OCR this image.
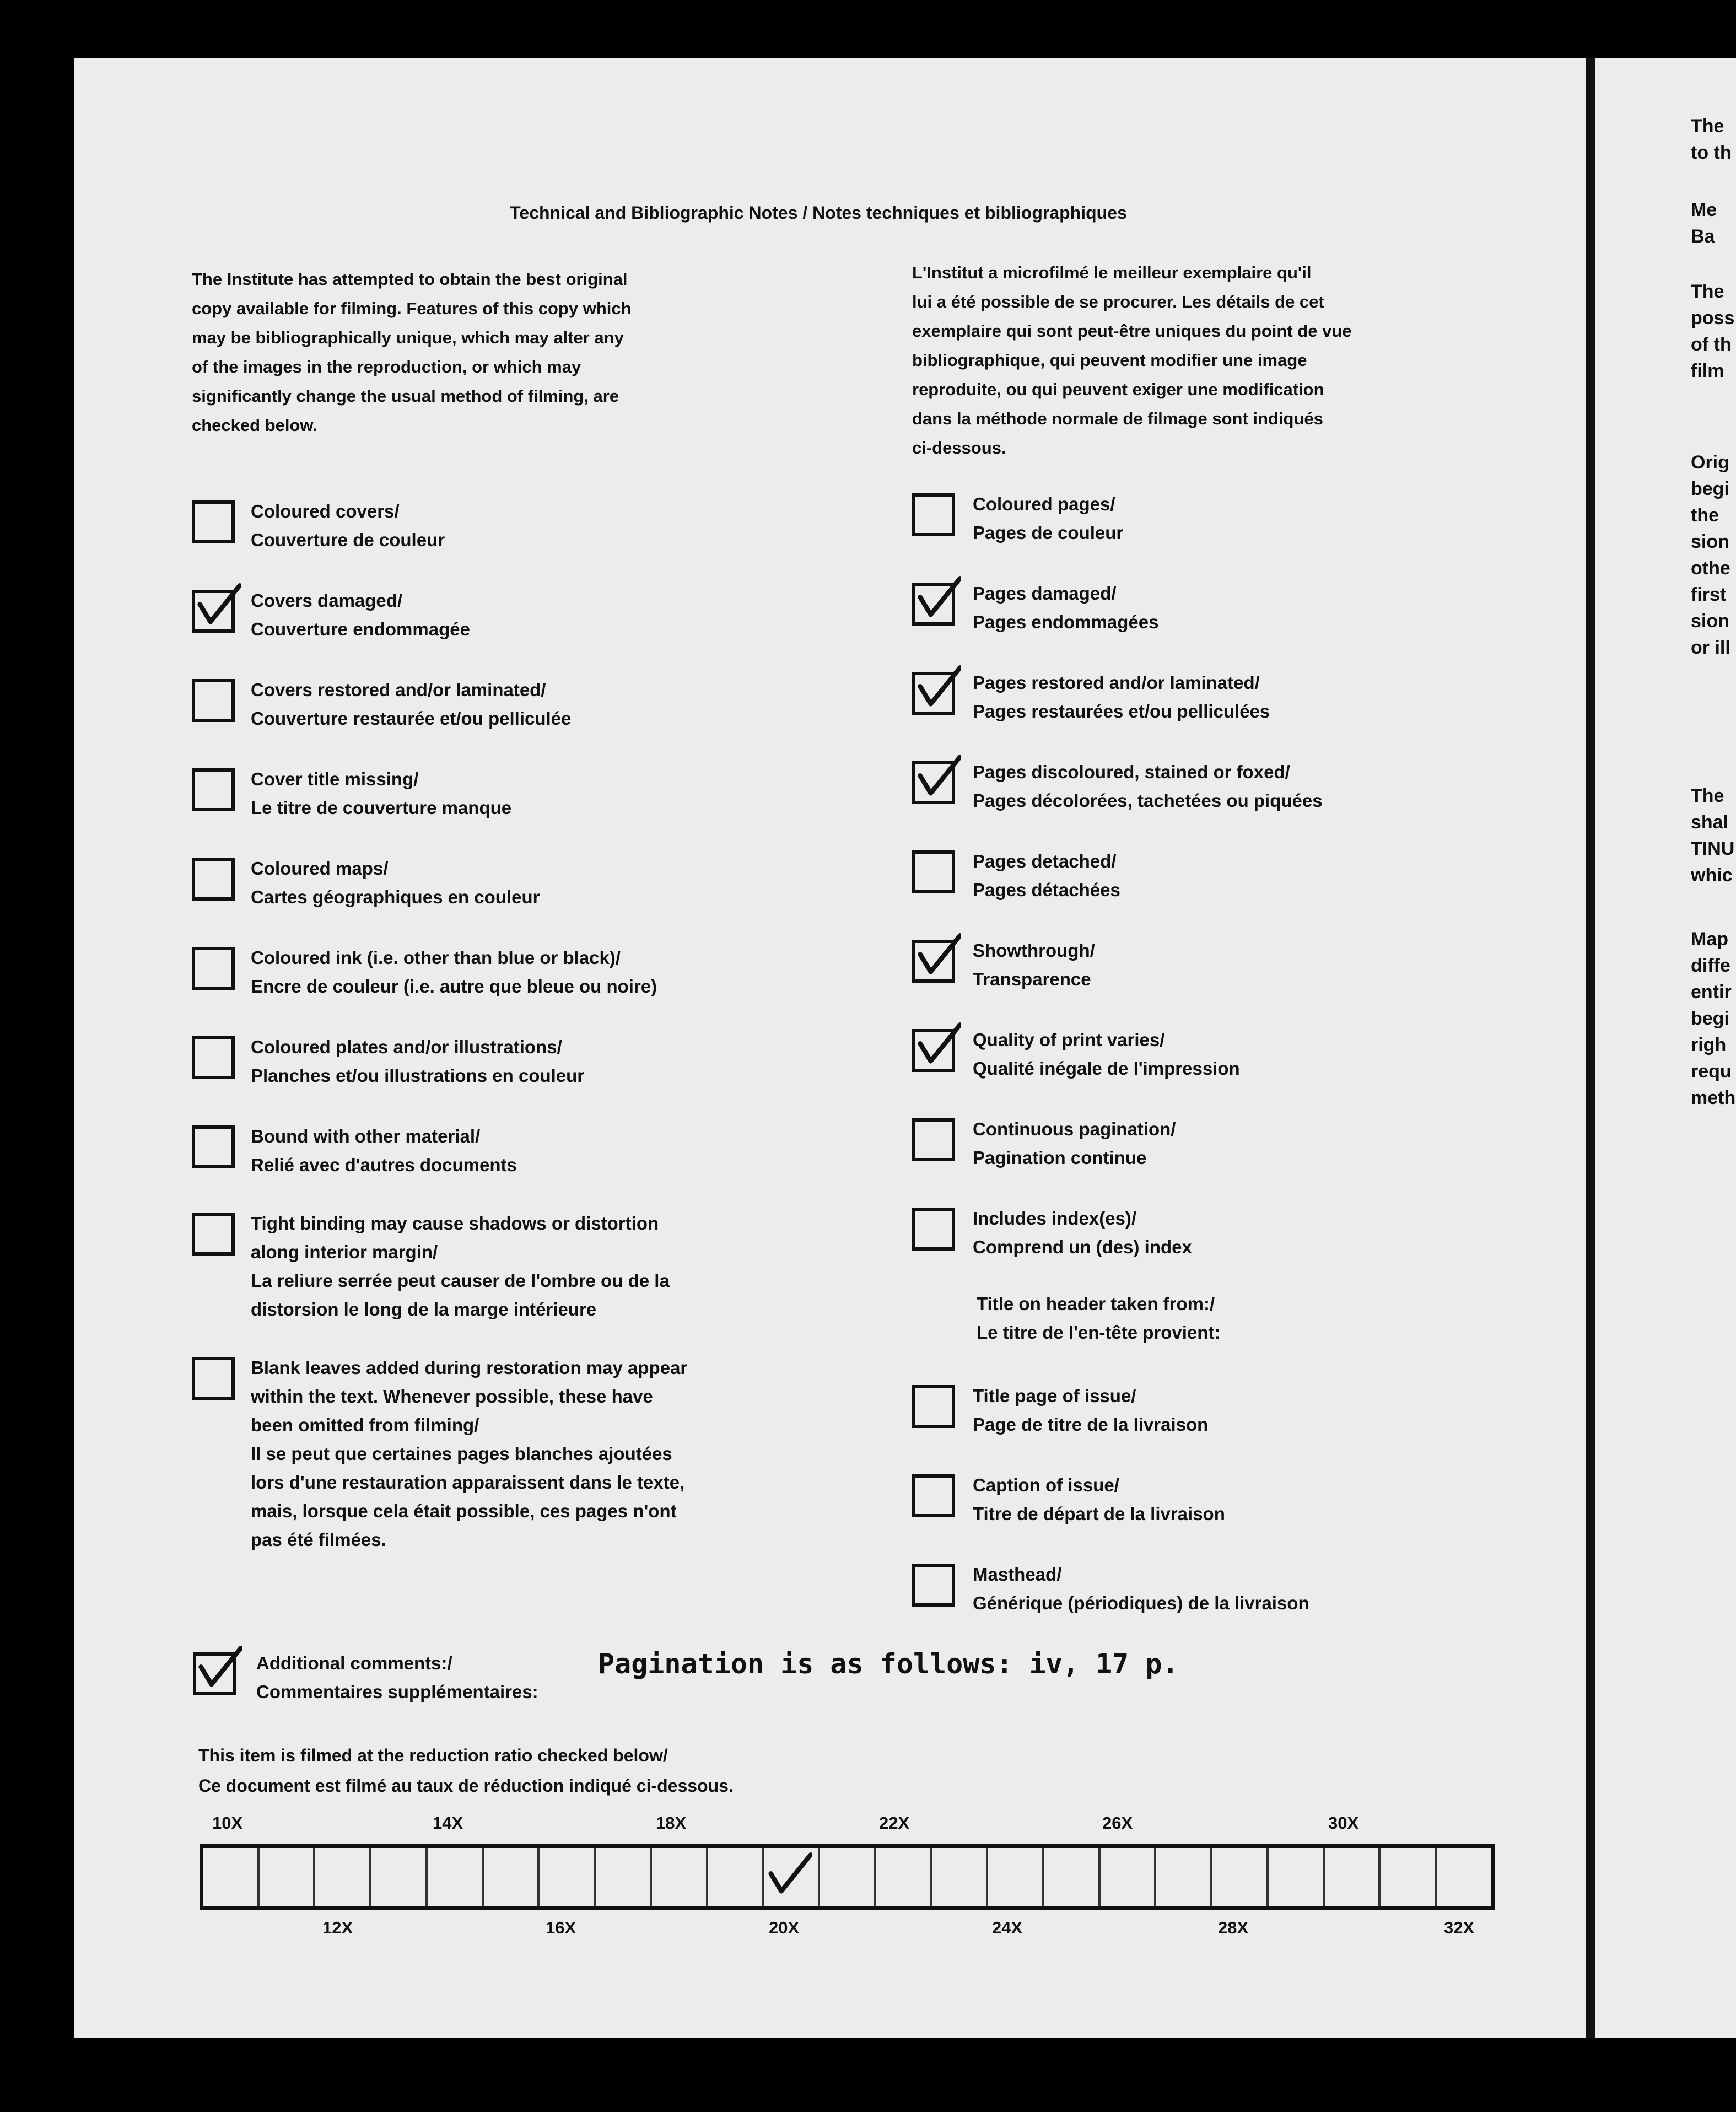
Technical and Bibliographic Notes / Notes techniques et bibliographiques
The Institute has attempted to obtain the best original
copy available for filming. Features of this copy which
may be bibliographically unique, which may alter any
of the images in the reproduction, or which may
significantly change the usual method of filming, are
checked below.
L'Institut a microfilmé le meilleur exemplaire qu'il
lui a été possible de se procurer. Les détails de cet
exemplaire qui sont peut-être uniques du point de vue
bibliographique, qui peuvent modifier une image
reproduite, ou qui peuvent exiger une modification
dans la méthode normale de filmage sont indiqués
ci-dessous.
Coloured covers/
Couverture de couleur
Covers damaged/
Couverture endommagée
Covers restored and/or laminated/
Couverture restaurée et/ou pelliculée
Cover title missing/
Le titre de couverture manque
Coloured maps/
Cartes géographiques en couleur
Coloured ink (i.e. other than blue or black)/
Encre de couleur (i.e. autre que bleue ou noire)
Coloured plates and/or illustrations/
Planches et/ou illustrations en couleur
Bound with other material/
Relié avec d'autres documents
Tight binding may cause shadows or distortion
along interior margin/
La reliure serrée peut causer de l'ombre ou de la
distorsion le long de la marge intérieure
Blank leaves added during restoration may appear
within the text. Whenever possible, these have
been omitted from filming/
Il se peut que certaines pages blanches ajoutées
lors d'une restauration apparaissent dans le texte,
mais, lorsque cela était possible, ces pages n'ont
pas été filmées.
Coloured pages/
Pages de couleur
Pages damaged/
Pages endommagées
Pages restored and/or laminated/
Pages restaurées et/ou pelliculées
Pages discoloured, stained or foxed/
Pages décolorées, tachetées ou piquées
Pages detached/
Pages détachées
Showthrough/
Transparence
Quality of print varies/
Qualité inégale de l'impression
Continuous pagination/
Pagination continue
Includes index(es)/
Comprend un (des) index
Title on header taken from:/
Le titre de l'en-tête provient:
Title page of issue/
Page de titre de la livraison
Caption of issue/
Titre de départ de la livraison
Masthead/
Générique (périodiques) de la livraison
Pagination is as follows: iv, 17 p.
This item is filmed at the reduction ratio checked below/
Ce document est filmé au taux de réduction indiqué ci-dessous.
10X	14X	18X	22X	26X	30X
12X	16X	20X	24X	28X	32X
The
to th
Me
Ba
The
poss
of th
film
Orig
begi
the
sion
othe
first
sion
or ill
The
shal
TINU
whic
Map
diffe
entir
begi
righ
requ
meth
Additional comments:/
Commentaires supplémentaires:
